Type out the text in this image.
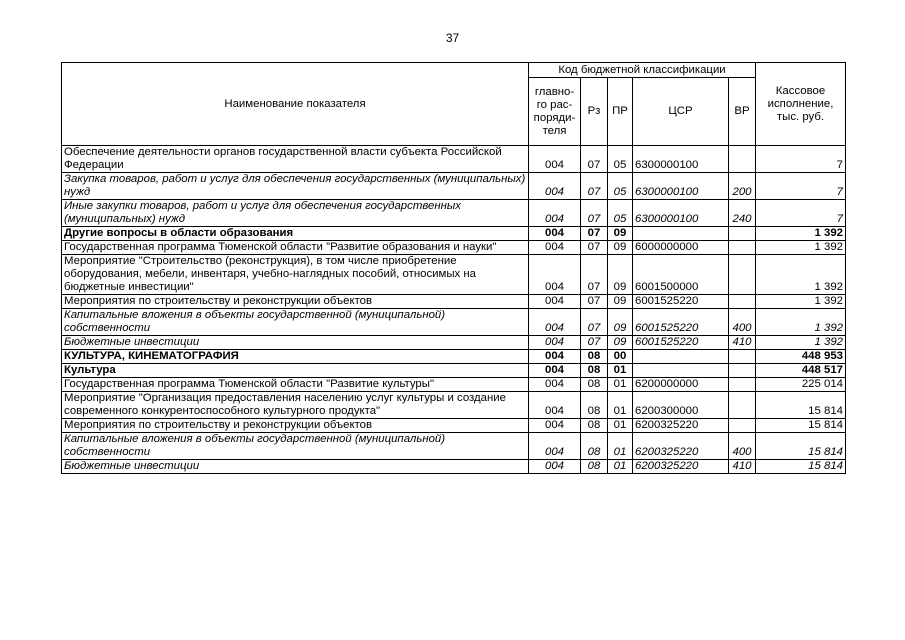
37
Наименование показателя	Код бюджетной классификации					Кассовое исполнение, тыс. руб.
	главно-го рас-поряди-теля	Рз	ПР	ЦСР	ВР	
Обеспечение деятельности органов государственной власти субъекта Российской Федерации	004	07	05	6300000100		7
Закупка товаров, работ и услуг для обеспечения государственных (муниципальных) нужд	004	07	05	6300000100	200	7
Иные закупки товаров, работ и услуг для обеспечения государственных (муниципальных) нужд	004	07	05	6300000100	240	7
Другие вопросы в области образования	004	07	09			1 392
Государственная программа Тюменской области "Развитие образования и науки"	004	07	09	6000000000		1 392
Мероприятие "Строительство (реконструкция), в том числе приобретение оборудования, мебели, инвентаря, учебно-наглядных пособий, относимых на бюджетные инвестиции"	004	07	09	6001500000		1 392
Мероприятия по строительству и реконструкции объектов	004	07	09	6001525220		1 392
Капитальные вложения в объекты государственной (муниципальной) собственности	004	07	09	6001525220	400	1 392
Бюджетные инвестиции	004	07	09	6001525220	410	1 392
КУЛЬТУРА, КИНЕМАТОГРАФИЯ	004	08	00			448 953
Культура	004	08	01			448 517
Государственная программа Тюменской области "Развитие культуры"	004	08	01	6200000000		225 014
Мероприятие "Организация предоставления населению услуг культуры и создание современного конкурентоспособного культурного продукта"	004	08	01	6200300000		15 814
Мероприятия по строительству и реконструкции объектов	004	08	01	6200325220		15 814
Капитальные вложения в объекты государственной (муниципальной) собственности	004	08	01	6200325220	400	15 814
Бюджетные инвестиции	004	08	01	6200325220	410	15 814
